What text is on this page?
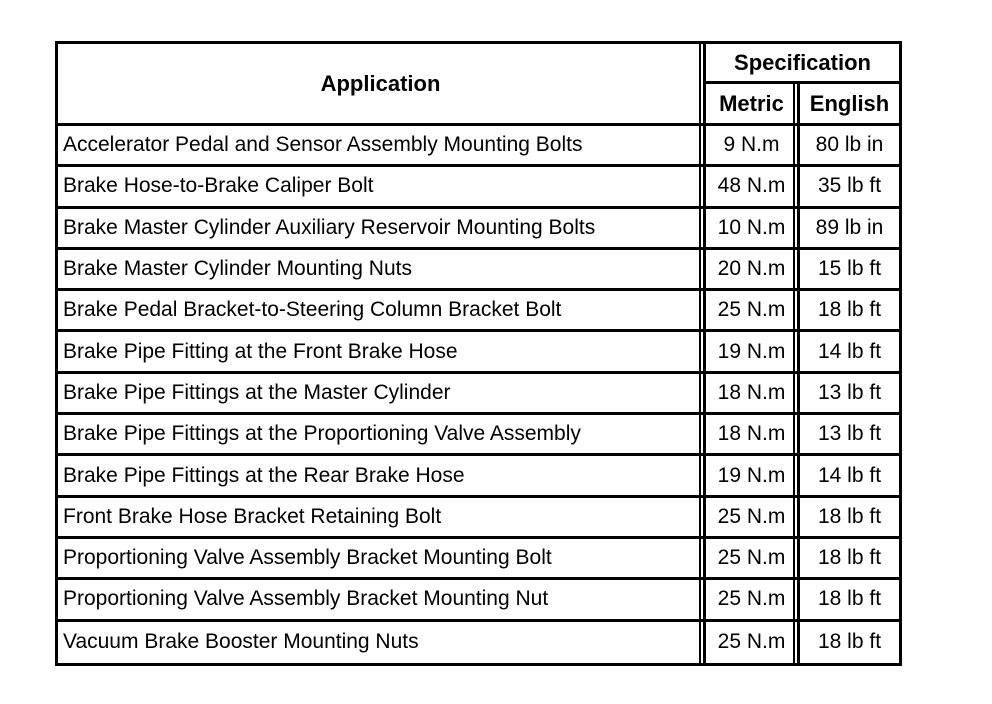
Application	Specification	
	Metric	English
Accelerator Pedal and Sensor Assembly Mounting Bolts	9 N.m	80 lb in
Brake Hose-to-Brake Caliper Bolt	48 N.m	35 lb ft
Brake Master Cylinder Auxiliary Reservoir Mounting Bolts	10 N.m	89 lb in
Brake Master Cylinder Mounting Nuts	20 N.m	15 lb ft
Brake Pedal Bracket-to-Steering Column Bracket Bolt	25 N.m	18 lb ft
Brake Pipe Fitting at the Front Brake Hose	19 N.m	14 lb ft
Brake Pipe Fittings at the Master Cylinder	18 N.m	13 lb ft
Brake Pipe Fittings at the Proportioning Valve Assembly	18 N.m	13 lb ft
Brake Pipe Fittings at the Rear Brake Hose	19 N.m	14 lb ft
Front Brake Hose Bracket Retaining Bolt	25 N.m	18 lb ft
Proportioning Valve Assembly Bracket Mounting Bolt	25 N.m	18 lb ft
Proportioning Valve Assembly Bracket Mounting Nut	25 N.m	18 lb ft
Vacuum Brake Booster Mounting Nuts	25 N.m	18 lb ft
